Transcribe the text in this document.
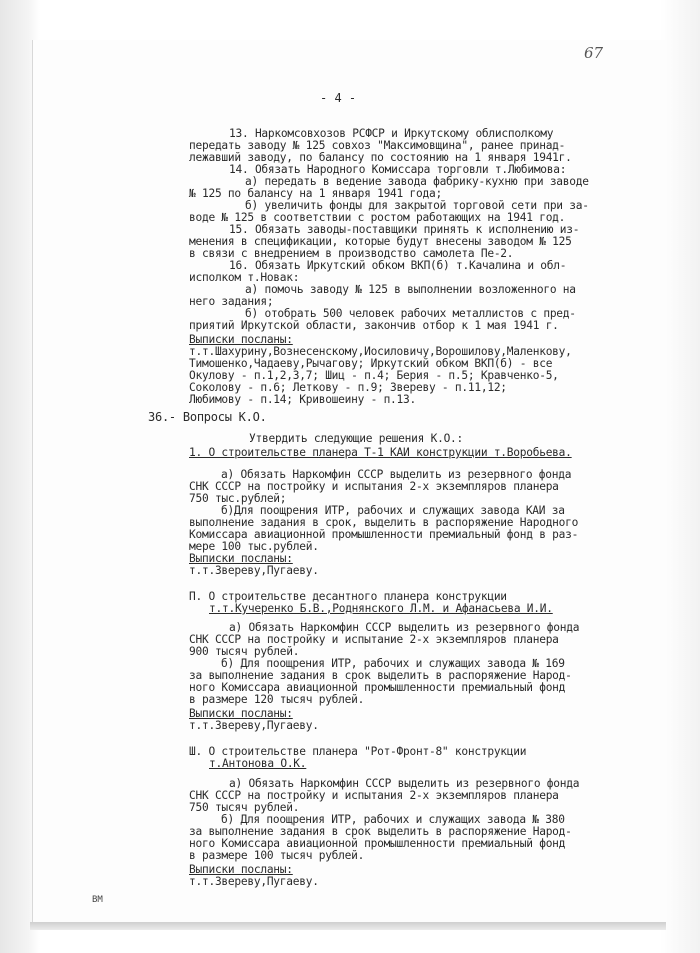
67
- 4 -
13. Наркомсовхозов РСФСР и Иркутскому облисполкому
передать заводу № 125 совхоз "Максимовщина", ранее принад-
лежавший заводу, по балансу по состоянию на 1 января 1941г.
14. Обязать Народного Комиссара торговли т.Любимова:
а) передать в ведение завода фабрику-кухню при заводе
№ 125 по балансу на 1 января 1941 года;
б) увеличить фонды для закрытой торговой сети при за-
воде № 125 в соответствии с ростом работающих на 1941 год.
15. Обязать заводы-поставщики принять к исполнению из-
менения в спецификации, которые будут внесены заводом № 125
в связи с внедрением в производство самолета Пе-2.
16. Обязать Иркутский обком ВКП(б) т.Качалина и обл-
исполком т.Новак:
а) помочь заводу № 125 в выполнении возложенного на
него задания;
б) отобрать 500 человек рабочих металлистов с пред-
приятий Иркутской области, закончив отбор к 1 мая 1941 г.
Выписки посланы:
т.т.Шахурину,Вознесенскому,Иосиловичу,Ворошилову,Маленкову,
Тимошенко,Чадаеву,Рычагову; Иркутский обком ВКП(б) - все
Окулову - п.1,2,3,7; Шиц - п.4; Берия - п.5; Кравченко-5,
Соколову - п.6; Леткову - п.9; Звереву - п.11,12;
Любимову - п.14; Кривошеину - п.13.
36.- Вопросы К.О.
Утвердить следующие решения К.О.:
1. О строительстве планера Т-1 КАИ конструкции т.Воробьева.
а) Обязать Наркомфин СССР выделить из резервного фонда
СНК СССР на постройку и испытания 2-х экземпляров планера
750 тыс.рублей;
б)Для поощрения ИТР, рабочих и служащих завода КАИ за
выполнение задания в срок, выделить в распоряжение Народного
Комиссара авиационной промышленности премиальный фонд в раз-
мере 100 тыс.рублей.
Выписки посланы:
т.т.Звереву,Пугаеву.
П. О строительстве десантного планера конструкции
т.т.Кучеренко Б.В.,Роднянского Л.М. и Афанасьева И.И.
а) Обязать Наркомфин СССР выделить из резервного фонда
СНК СССР на постройку и испытание 2-х экземпляров планера
900 тысяч рублей.
б) Для поощрения ИТР, рабочих и служащих завода № 169
за выполнение задания в срок выделить в распоряжение Народ-
ного Комиссара авиационной промышленности премиальный фонд
в размере 120 тысяч рублей.
Выписки посланы:
т.т.Звереву,Пугаеву.
Ш. О строительстве планера "Рот-Фронт-8" конструкции
т.Антонова О.К.
а) Обязать Наркомфин СССР выделить из резервного фонда
СНК СССР на постройку и испытания 2-х экземпляров планера
750 тысяч рублей.
б) Для поощрения ИТР, рабочих и служащих завода № 380
за выполнение задания в срок выделить в распоряжение Народ-
ного Комиссара авиационной промышленности премиальный фонд
в размере 100 тысяч рублей.
Выписки посланы:
т.т.Звереву,Пугаеву.
ВМ
